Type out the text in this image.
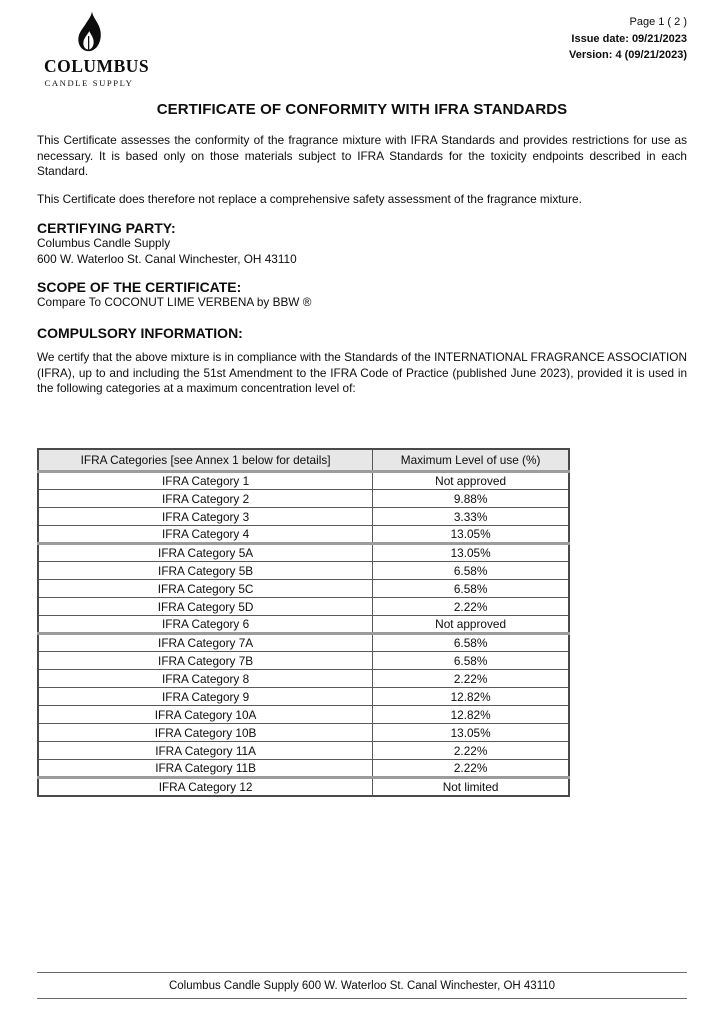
COLUMBUS
CANDLE SUPPLY
Page 1 ( 2 )
Issue date: 09/21/2023
Version: 4 (09/21/2023)
CERTIFICATE OF CONFORMITY WITH IFRA STANDARDS

This Certificate assesses the conformity of the fragrance mixture with IFRA Standards and provides restrictions for use as necessary. It is based only on those materials subject to IFRA Standards for the toxicity endpoints described in each Standard.

This Certificate does therefore not replace a comprehensive safety assessment of the fragrance mixture.

CERTIFYING PARTY:
Columbus Candle Supply
600 W. Waterloo St. Canal Winchester, OH 43110
SCOPE OF THE CERTIFICATE:
Compare To COCONUT LIME VERBENA by BBW ®
COMPULSORY INFORMATION:

We certify that the above mixture is in compliance with the Standards of the INTERNATIONAL FRAGRANCE ASSOCIATION (IFRA), up to and including the 51st Amendment to the IFRA Code of Practice (published June 2023), provided it is used in the following categories at a maximum concentration level of:

IFRA Categories [see Annex 1 below for details]	Maximum Level of use (%)
IFRA Category 1	Not approved
IFRA Category 2	9.88%
IFRA Category 3	3.33%
IFRA Category 4	13.05%
IFRA Category 5A	13.05%
IFRA Category 5B	6.58%
IFRA Category 5C	6.58%
IFRA Category 5D	2.22%
IFRA Category 6	Not approved
IFRA Category 7A	6.58%
IFRA Category 7B	6.58%
IFRA Category 8	2.22%
IFRA Category 9	12.82%
IFRA Category 10A	12.82%
IFRA Category 10B	13.05%
IFRA Category 11A	2.22%
IFRA Category 11B	2.22%
IFRA Category 12	Not limited
Columbus Candle Supply 600 W. Waterloo St. Canal Winchester, OH 43110
